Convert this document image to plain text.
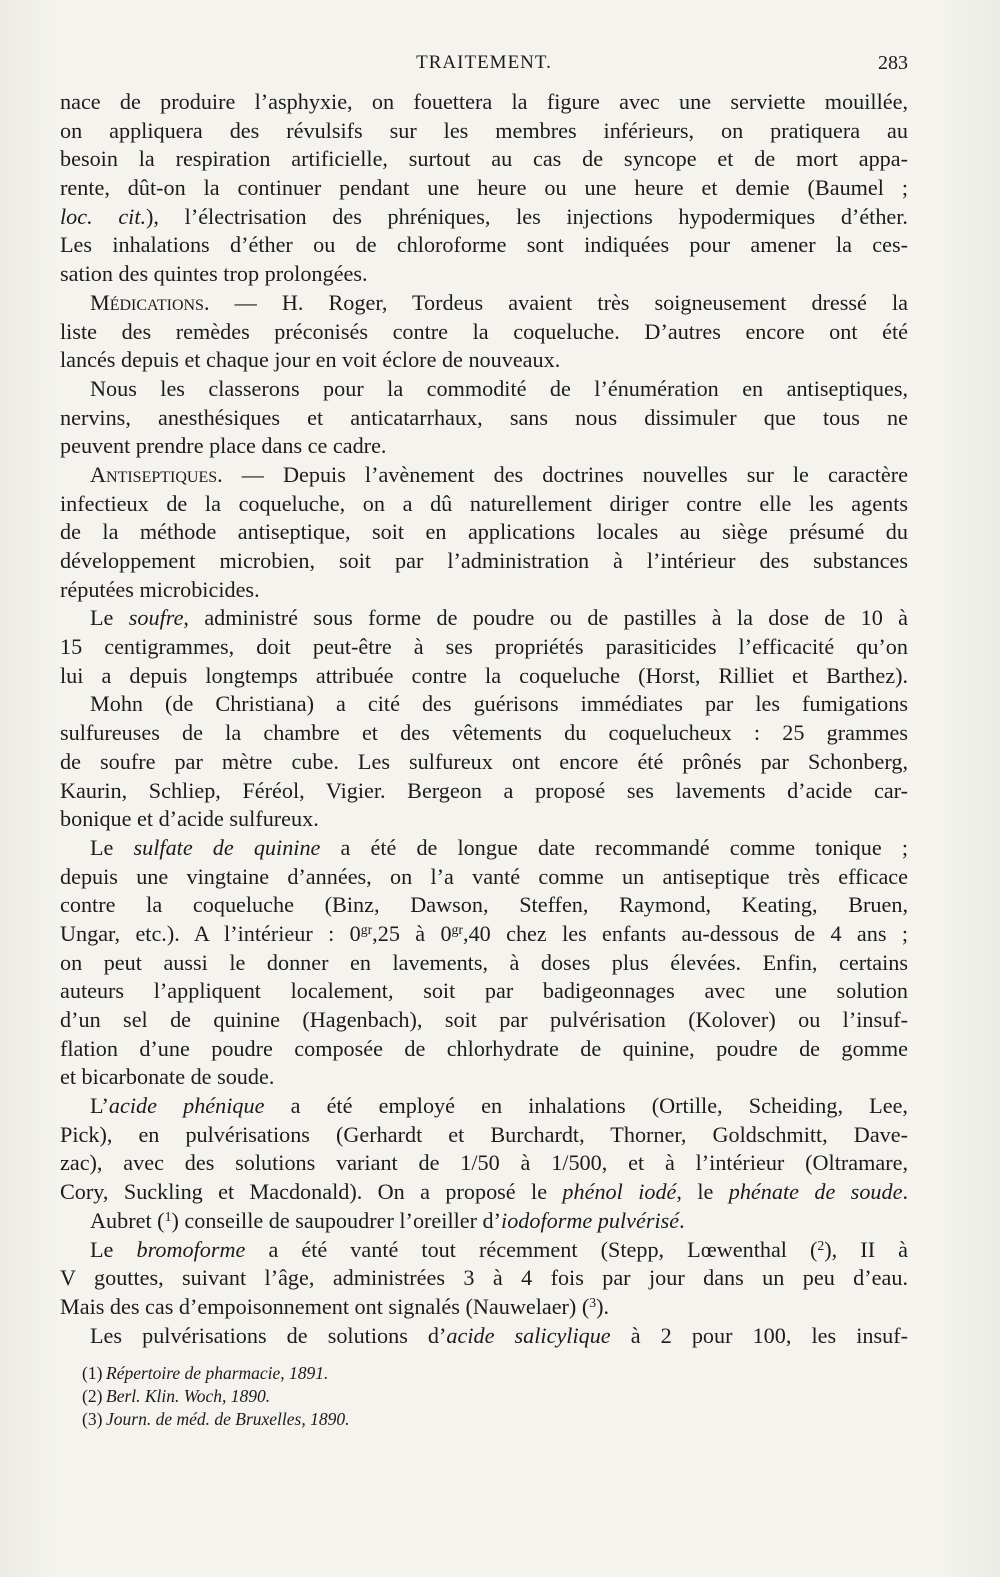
TRAITEMENT.	283
nace de produire l’asphyxie, on fouettera la figure avec une serviette mouillée,
on appliquera des révulsifs sur les membres inférieurs, on pratiquera au
besoin la respiration artificielle, surtout au cas de syncope et de mort appa-
rente, dût-on la continuer pendant une heure ou une heure et demie (Baumel ;
loc. cit.), l’électrisation des phréniques, les injections hypodermiques d’éther.
Les inhalations d’éther ou de chloroforme sont indiquées pour amener la ces-
sation des quintes trop prolongées.
Médications. — H. Roger, Tordeus avaient très soigneusement dressé la
liste des remèdes préconisés contre la coqueluche. D’autres encore ont été
lancés depuis et chaque jour en voit éclore de nouveaux.
Nous les classerons pour la commodité de l’énumération en antiseptiques,
nervins, anesthésiques et anticatarrhaux, sans nous dissimuler que tous ne
peuvent prendre place dans ce cadre.
Antiseptiques. — Depuis l’avènement des doctrines nouvelles sur le caractère
infectieux de la coqueluche, on a dû naturellement diriger contre elle les agents
de la méthode antiseptique, soit en applications locales au siège présumé du
développement microbien, soit par l’administration à l’intérieur des substances
réputées microbicides.
Le soufre, administré sous forme de poudre ou de pastilles à la dose de 10 à
15 centigrammes, doit peut-être à ses propriétés parasiticides l’efficacité qu’on
lui a depuis longtemps attribuée contre la coqueluche (Horst, Rilliet et Barthez).
Mohn (de Christiana) a cité des guérisons immédiates par les fumigations
sulfureuses de la chambre et des vêtements du coquelucheux : 25 grammes
de soufre par mètre cube. Les sulfureux ont encore été prônés par Schonberg,
Kaurin, Schliep, Féréol, Vigier. Bergeon a proposé ses lavements d’acide car-
bonique et d’acide sulfureux.
Le sulfate de quinine a été de longue date recommandé comme tonique ;
depuis une vingtaine d’années, on l’a vanté comme un antiseptique très efficace
contre la coqueluche (Binz, Dawson, Steffen, Raymond, Keating, Bruen,
Ungar, etc.). A l’intérieur : $0^{gr},25$ à $0^{gr},40$ chez les enfants au-dessous de 4 ans ;
on peut aussi le donner en lavements, à doses plus élevées. Enfin, certains
auteurs l’appliquent localement, soit par badigeonnages avec une solution
d’un sel de quinine (Hagenbach), soit par pulvérisation (Kolover) ou l’insuf-
flation d’une poudre composée de chlorhydrate de quinine, poudre de gomme
et bicarbonate de soude.
L’acide phénique a été employé en inhalations (Ortille, Scheiding, Lee,
Pick), en pulvérisations (Gerhardt et Burchardt, Thorner, Goldschmitt, Dave-
zac), avec des solutions variant de 1/50 à 1/500, et à l’intérieur (Oltramare,
Cory, Suckling et Macdonald). On a proposé le phénol iodé, le phénate de soude.
Aubret ($^1$) conseille de saupoudrer l’oreiller d’iodoforme pulvérisé.
Le bromoforme a été vanté tout récemment (Stepp, Lœwenthal ($^2$), II à
V gouttes, suivant l’âge, administrées 3 à 4 fois par jour dans un peu d’eau.
Mais des cas d’empoisonnement ont signalés (Nauwelaer) ($^3$).
Les pulvérisations de solutions d’acide salicylique à 2 pour 100, les insuf-
(1) Répertoire de pharmacie, 1891.
(2) Berl. Klin. Woch, 1890.
(3) Journ. de méd. de Bruxelles, 1890.
